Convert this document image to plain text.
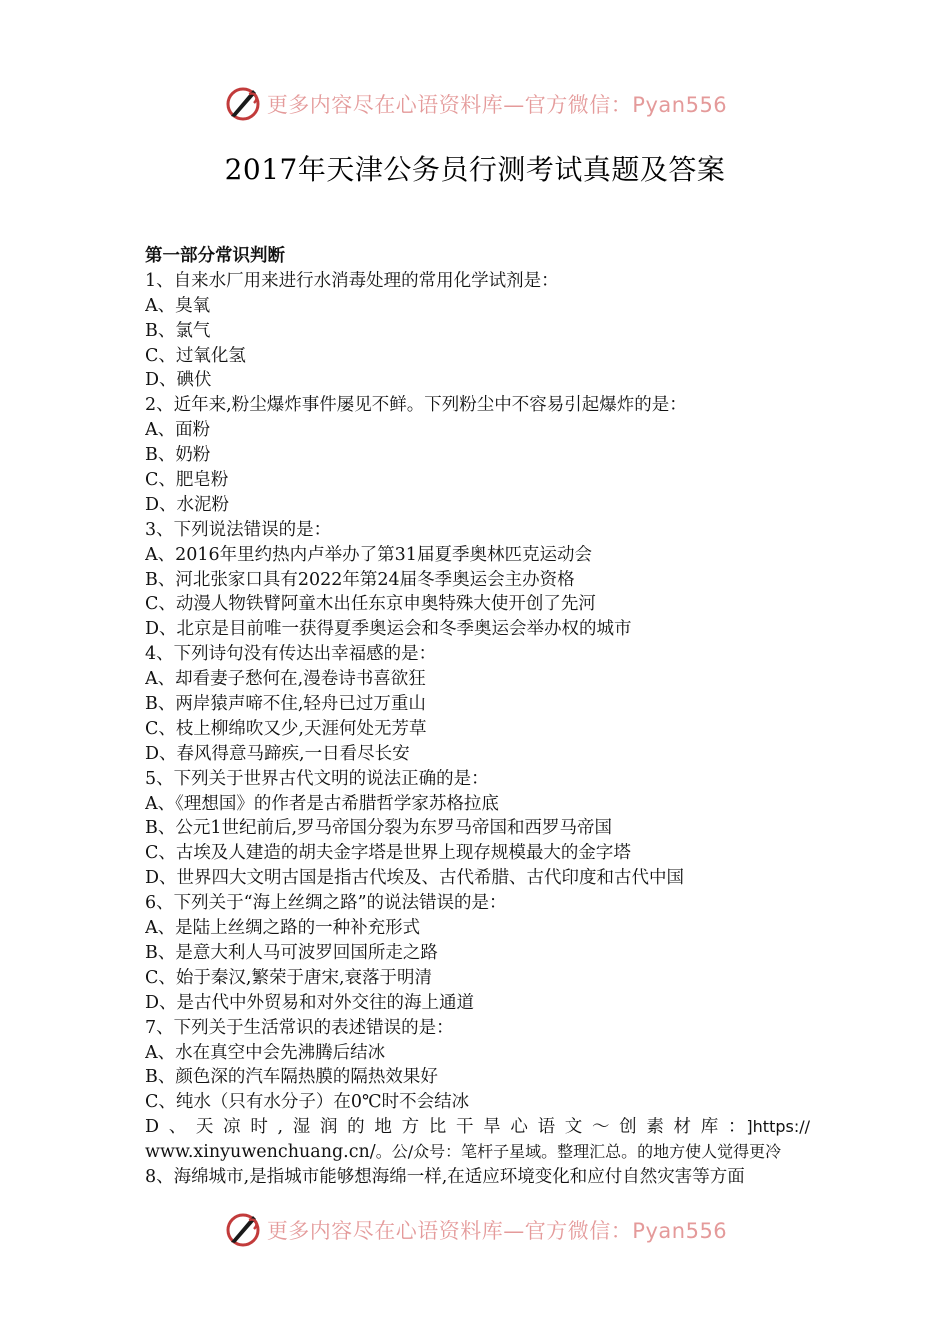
更多内容尽在心语资料库—官方微信：Pyan556
2017年天津公务员行测考试真题及答案
第一部分常识判断
1、自来水厂用来进行水消毒处理的常用化学试剂是：
A、臭氧
B、氯气
C、过氧化氢
D、碘伏
2、近年来,粉尘爆炸事件屡见不鲜。下列粉尘中不容易引起爆炸的是：
A、面粉
B、奶粉
C、肥皂粉
D、水泥粉
3、下列说法错误的是：
A、2016年里约热内卢举办了第31届夏季奥林匹克运动会
B、河北张家口具有2022年第24届冬季奥运会主办资格
C、动漫人物铁臂阿童木出任东京申奥特殊大使开创了先河
D、北京是目前唯一获得夏季奥运会和冬季奥运会举办权的城市
4、下列诗句没有传达出幸福感的是：
A、却看妻子愁何在,漫卷诗书喜欲狂
B、两岸猿声啼不住,轻舟已过万重山
C、枝上柳绵吹又少,天涯何处无芳草
D、春风得意马蹄疾,一日看尽长安
5、下列关于世界古代文明的说法正确的是：
A、《理想国》的作者是古希腊哲学家苏格拉底
B、公元1世纪前后,罗马帝国分裂为东罗马帝国和西罗马帝国
C、古埃及人建造的胡夫金字塔是世界上现存规模最大的金字塔
D、世界四大文明古国是指古代埃及、古代希腊、古代印度和古代中国
6、下列关于“海上丝绸之路”的说法错误的是：
A、是陆上丝绸之路的一种补充形式
B、是意大利人马可波罗回国所走之路
C、始于秦汉,繁荣于唐宋,衰落于明清
D、是古代中外贸易和对外交往的海上通道
7、下列关于生活常识的表述错误的是：
A、水在真空中会先沸腾后结冰
B、颜色深的汽车隔热膜的隔热效果好
C、纯水（只有水分子）在0℃时不会结冰
D、天凉时,湿润的地方比干旱心语文～创素材库：]https://
www.xinyuwenchuang.cn/。公/众号：笔杆子星域。整理汇总。的地方使人觉得更冷
8、海绵城市,是指城市能够想海绵一样,在适应环境变化和应付自然灾害等方面
更多内容尽在心语资料库—官方微信：Pyan556
